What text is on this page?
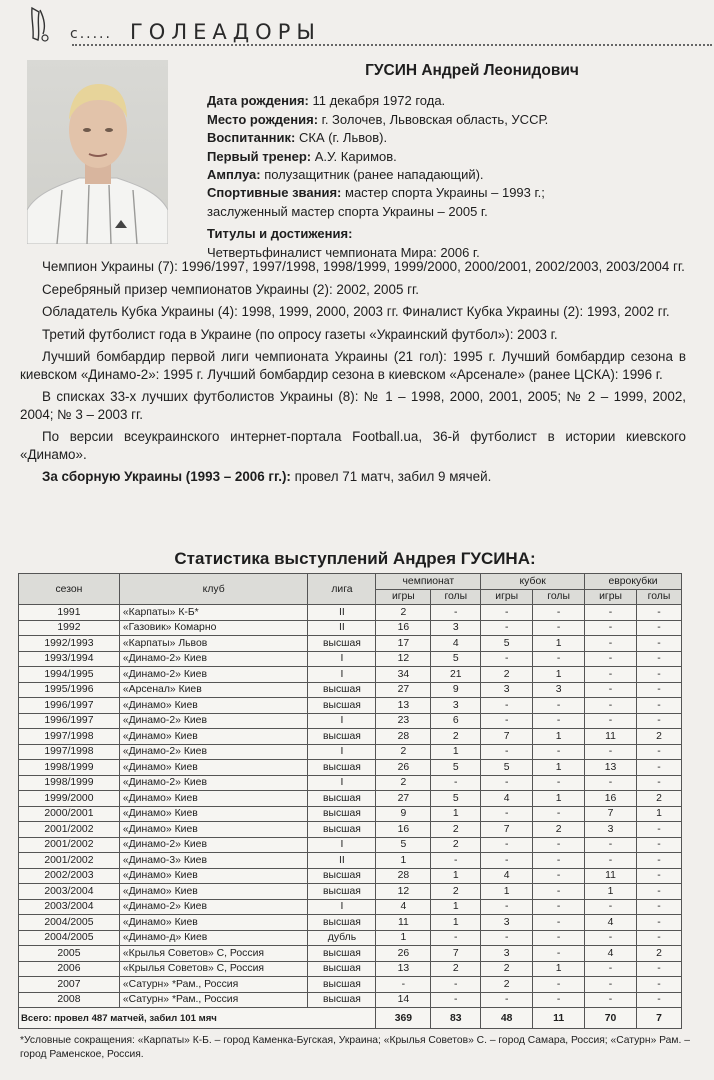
с..... ГОЛЕАДОРЫ
ГУСИН Андрей Леонидович
Дата рождения: 11 декабря 1972 года.
Место рождения: г. Золочев, Львовская область, УССР.
Воспитанник: СКА (г. Львов).
Первый тренер: А.У. Каримов.
Амплуа: полузащитник (ранее нападающий).
Спортивные звания: мастер спорта Украины – 1993 г.;
заслуженный мастер спорта Украины – 2005 г.
Титулы и достижения:
Четвертьфиналист чемпионата Мира: 2006 г.

Чемпион Украины (7): 1996/1997, 1997/1998, 1998/1999, 1999/2000, 2000/2001, 2002/2003, 2003/2004 гг.

Серебряный призер чемпионатов Украины (2): 2002, 2005 гг.

Обладатель Кубка Украины (4): 1998, 1999, 2000, 2003 гг. Финалист Кубка Украины (2): 1993, 2002 гг.

Третий футболист года в Украине (по опросу газеты «Украинский футбол»): 2003 г.

Лучший бомбардир первой лиги чемпионата Украины (21 гол): 1995 г. Лучший бомбардир сезона в киевском «Динамо-2»: 1995 г. Лучший бомбардир сезона в киевском «Арсенале» (ранее ЦСКА): 1996 г.

В списках 33-х лучших футболистов Украины (8): № 1 – 1998, 2000, 2001, 2005; № 2 – 1999, 2002, 2004; № 3 – 2003 гг.

По версии всеукраинского интернет-портала Football.ua, 36-й футболист в истории киевского «Динамо».

За сборную Украины (1993 – 2006 гг.): провел 71 матч, забил 9 мячей.

Статистика выступлений Андрея ГУСИНА:
сезон	клуб	лига	чемпионат		кубок		еврокубки	
			игры	голы	игры	голы	игры	голы
1991	«Карпаты» К-Б*	II	2	-	-	-	-	-
1992	«Газовик» Комарно	II	16	3	-	-	-	-
1992/1993	«Карпаты» Львов	высшая	17	4	5	1	-	-
1993/1994	«Динамо-2» Киев	I	12	5	-	-	-	-
1994/1995	«Динамо-2» Киев	I	34	21	2	1	-	-
1995/1996	«Арсенал» Киев	высшая	27	9	3	3	-	-
1996/1997	«Динамо» Киев	высшая	13	3	-	-	-	-
1996/1997	«Динамо-2» Киев	I	23	6	-	-	-	-
1997/1998	«Динамо» Киев	высшая	28	2	7	1	11	2
1997/1998	«Динамо-2» Киев	I	2	1	-	-	-	-
1998/1999	«Динамо» Киев	высшая	26	5	5	1	13	-
1998/1999	«Динамо-2» Киев	I	2	-	-	-	-	-
1999/2000	«Динамо» Киев	высшая	27	5	4	1	16	2
2000/2001	«Динамо» Киев	высшая	9	1	-	-	7	1
2001/2002	«Динамо» Киев	высшая	16	2	7	2	3	-
2001/2002	«Динамо-2» Киев	I	5	2	-	-	-	-
2001/2002	«Динамо-3» Киев	II	1	-	-	-	-	-
2002/2003	«Динамо» Киев	высшая	28	1	4	-	11	-
2003/2004	«Динамо» Киев	высшая	12	2	1	-	1	-
2003/2004	«Динамо-2» Киев	I	4	1	-	-	-	-
2004/2005	«Динамо» Киев	высшая	11	1	3	-	4	-
2004/2005	«Динамо-д» Киев	дубль	1	-	-	-	-	-
2005	«Крылья Советов» С, Россия	высшая	26	7	3	-	4	2
2006	«Крылья Советов» С, Россия	высшая	13	2	2	1	-	-
2007	«Сатурн» *Рам., Россия	высшая	-	-	2	-	-	-
2008	«Сатурн» *Рам., Россия	высшая	14	-	-	-	-	-
Всего: провел 487 матчей, забил 101 мяч			369	83	48	11	70	7
*Условные сокращения: «Карпаты» К-Б. – город Каменка-Бугская, Украина; «Крылья Советов» С. – город Самара, Россия; «Сатурн» Рам. – город Раменское, Россия.
